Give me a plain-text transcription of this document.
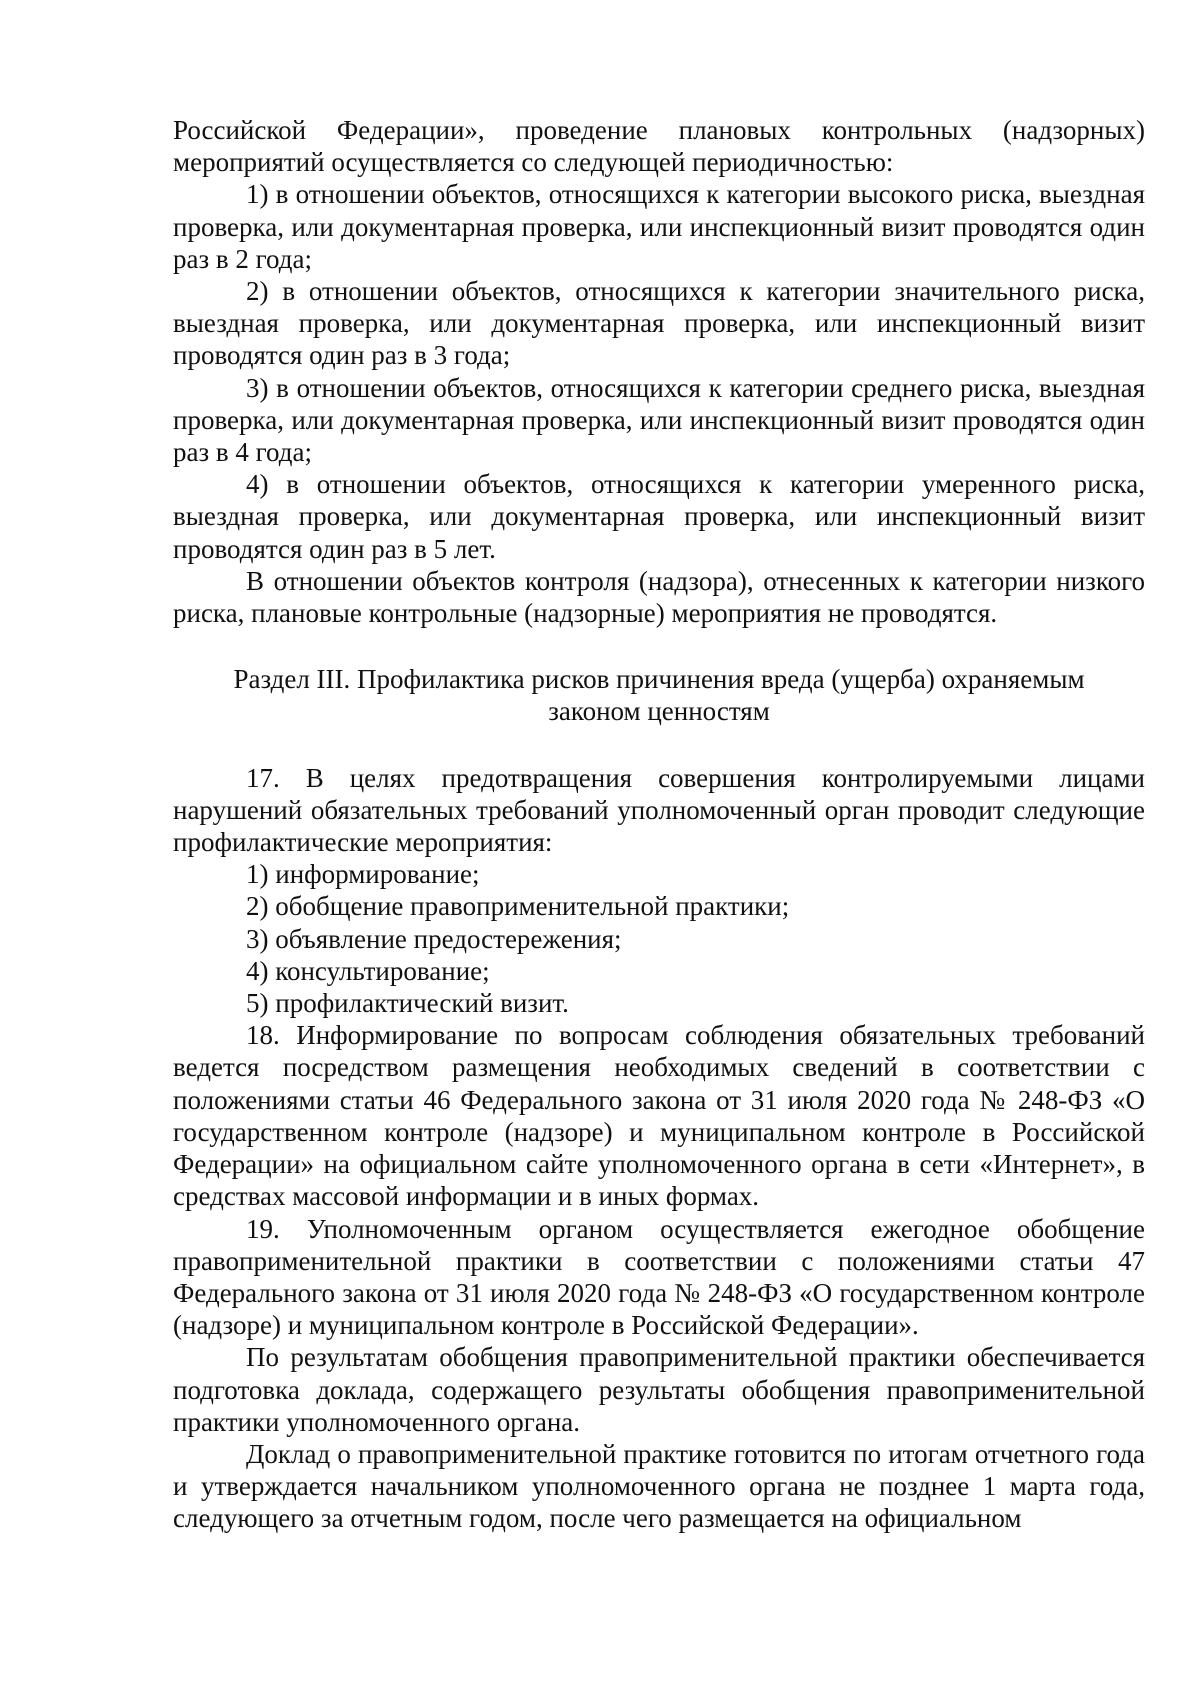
Российской Федерации», проведение плановых контрольных (надзорных) мероприятий осуществляется со следующей периодичностью:

1) в отношении объектов, относящихся к категории высокого риска, выездная проверка, или документарная проверка, или инспекционный визит проводятся один раз в 2 года;

2) в отношении объектов, относящихся к категории значительного риска, выездная проверка, или документарная проверка, или инспекционный визит проводятся один раз в 3 года;

3) в отношении объектов, относящихся к категории среднего риска, выездная проверка, или документарная проверка, или инспекционный визит проводятся один раз в 4 года;

4) в отношении объектов, относящихся к категории умеренного риска, выездная проверка, или документарная проверка, или инспекционный визит проводятся один раз в 5 лет.

В отношении объектов контроля (надзора), отнесенных к категории низкого риска, плановые контрольные (надзорные) мероприятия не проводятся.

Раздел III. Профилактика рисков причинения вреда (ущерба) охраняемым законом ценностям

17. В целях предотвращения совершения контролируемыми лицами нарушений обязательных требований уполномоченный орган проводит следующие профилактические мероприятия:

1) информирование;

2) обобщение правоприменительной практики;

3) объявление предостережения;

4) консультирование;

5) профилактический визит.

18. Информирование по вопросам соблюдения обязательных требований ведется посредством размещения необходимых сведений в соответствии с положениями статьи 46 Федерального закона от 31 июля 2020 года № 248-ФЗ «О государственном контроле (надзоре) и муниципальном контроле в Российской Федерации» на официальном сайте уполномоченного органа в сети «Интернет», в средствах массовой информации и в иных формах.

19. Уполномоченным органом осуществляется ежегодное обобщение правоприменительной практики в соответствии с положениями статьи 47 Федерального закона от 31 июля 2020 года № 248-ФЗ «О государственном контроле (надзоре) и муниципальном контроле в Российской Федерации».

По результатам обобщения правоприменительной практики обеспечивается подготовка доклада, содержащего результаты обобщения правоприменительной практики уполномоченного органа.

Доклад о правоприменительной практике готовится по итогам отчетного года и утверждается начальником уполномоченного органа не позднее 1 марта года, следующего за отчетным годом, после чего размещается на официальном
